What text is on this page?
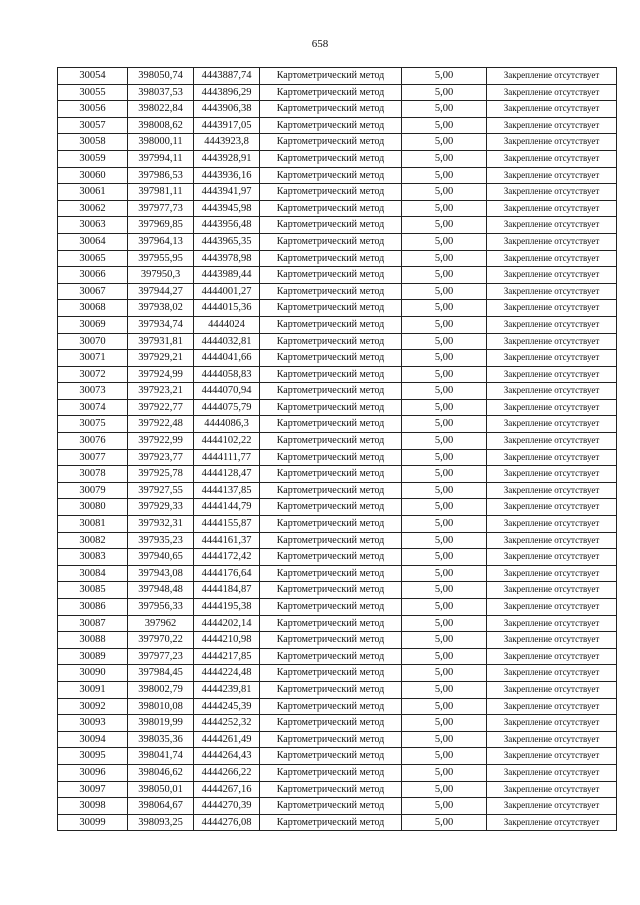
658
30054	398050,74	4443887,74	Картометрический метод	5,00	Закрепление отсутствует
30055	398037,53	4443896,29	Картометрический метод	5,00	Закрепление отсутствует
30056	398022,84	4443906,38	Картометрический метод	5,00	Закрепление отсутствует
30057	398008,62	4443917,05	Картометрический метод	5,00	Закрепление отсутствует
30058	398000,11	4443923,8	Картометрический метод	5,00	Закрепление отсутствует
30059	397994,11	4443928,91	Картометрический метод	5,00	Закрепление отсутствует
30060	397986,53	4443936,16	Картометрический метод	5,00	Закрепление отсутствует
30061	397981,11	4443941,97	Картометрический метод	5,00	Закрепление отсутствует
30062	397977,73	4443945,98	Картометрический метод	5,00	Закрепление отсутствует
30063	397969,85	4443956,48	Картометрический метод	5,00	Закрепление отсутствует
30064	397964,13	4443965,35	Картометрический метод	5,00	Закрепление отсутствует
30065	397955,95	4443978,98	Картометрический метод	5,00	Закрепление отсутствует
30066	397950,3	4443989,44	Картометрический метод	5,00	Закрепление отсутствует
30067	397944,27	4444001,27	Картометрический метод	5,00	Закрепление отсутствует
30068	397938,02	4444015,36	Картометрический метод	5,00	Закрепление отсутствует
30069	397934,74	4444024	Картометрический метод	5,00	Закрепление отсутствует
30070	397931,81	4444032,81	Картометрический метод	5,00	Закрепление отсутствует
30071	397929,21	4444041,66	Картометрический метод	5,00	Закрепление отсутствует
30072	397924,99	4444058,83	Картометрический метод	5,00	Закрепление отсутствует
30073	397923,21	4444070,94	Картометрический метод	5,00	Закрепление отсутствует
30074	397922,77	4444075,79	Картометрический метод	5,00	Закрепление отсутствует
30075	397922,48	4444086,3	Картометрический метод	5,00	Закрепление отсутствует
30076	397922,99	4444102,22	Картометрический метод	5,00	Закрепление отсутствует
30077	397923,77	4444111,77	Картометрический метод	5,00	Закрепление отсутствует
30078	397925,78	4444128,47	Картометрический метод	5,00	Закрепление отсутствует
30079	397927,55	4444137,85	Картометрический метод	5,00	Закрепление отсутствует
30080	397929,33	4444144,79	Картометрический метод	5,00	Закрепление отсутствует
30081	397932,31	4444155,87	Картометрический метод	5,00	Закрепление отсутствует
30082	397935,23	4444161,37	Картометрический метод	5,00	Закрепление отсутствует
30083	397940,65	4444172,42	Картометрический метод	5,00	Закрепление отсутствует
30084	397943,08	4444176,64	Картометрический метод	5,00	Закрепление отсутствует
30085	397948,48	4444184,87	Картометрический метод	5,00	Закрепление отсутствует
30086	397956,33	4444195,38	Картометрический метод	5,00	Закрепление отсутствует
30087	397962	4444202,14	Картометрический метод	5,00	Закрепление отсутствует
30088	397970,22	4444210,98	Картометрический метод	5,00	Закрепление отсутствует
30089	397977,23	4444217,85	Картометрический метод	5,00	Закрепление отсутствует
30090	397984,45	4444224,48	Картометрический метод	5,00	Закрепление отсутствует
30091	398002,79	4444239,81	Картометрический метод	5,00	Закрепление отсутствует
30092	398010,08	4444245,39	Картометрический метод	5,00	Закрепление отсутствует
30093	398019,99	4444252,32	Картометрический метод	5,00	Закрепление отсутствует
30094	398035,36	4444261,49	Картометрический метод	5,00	Закрепление отсутствует
30095	398041,74	4444264,43	Картометрический метод	5,00	Закрепление отсутствует
30096	398046,62	4444266,22	Картометрический метод	5,00	Закрепление отсутствует
30097	398050,01	4444267,16	Картометрический метод	5,00	Закрепление отсутствует
30098	398064,67	4444270,39	Картометрический метод	5,00	Закрепление отсутствует
30099	398093,25	4444276,08	Картометрический метод	5,00	Закрепление отсутствует
